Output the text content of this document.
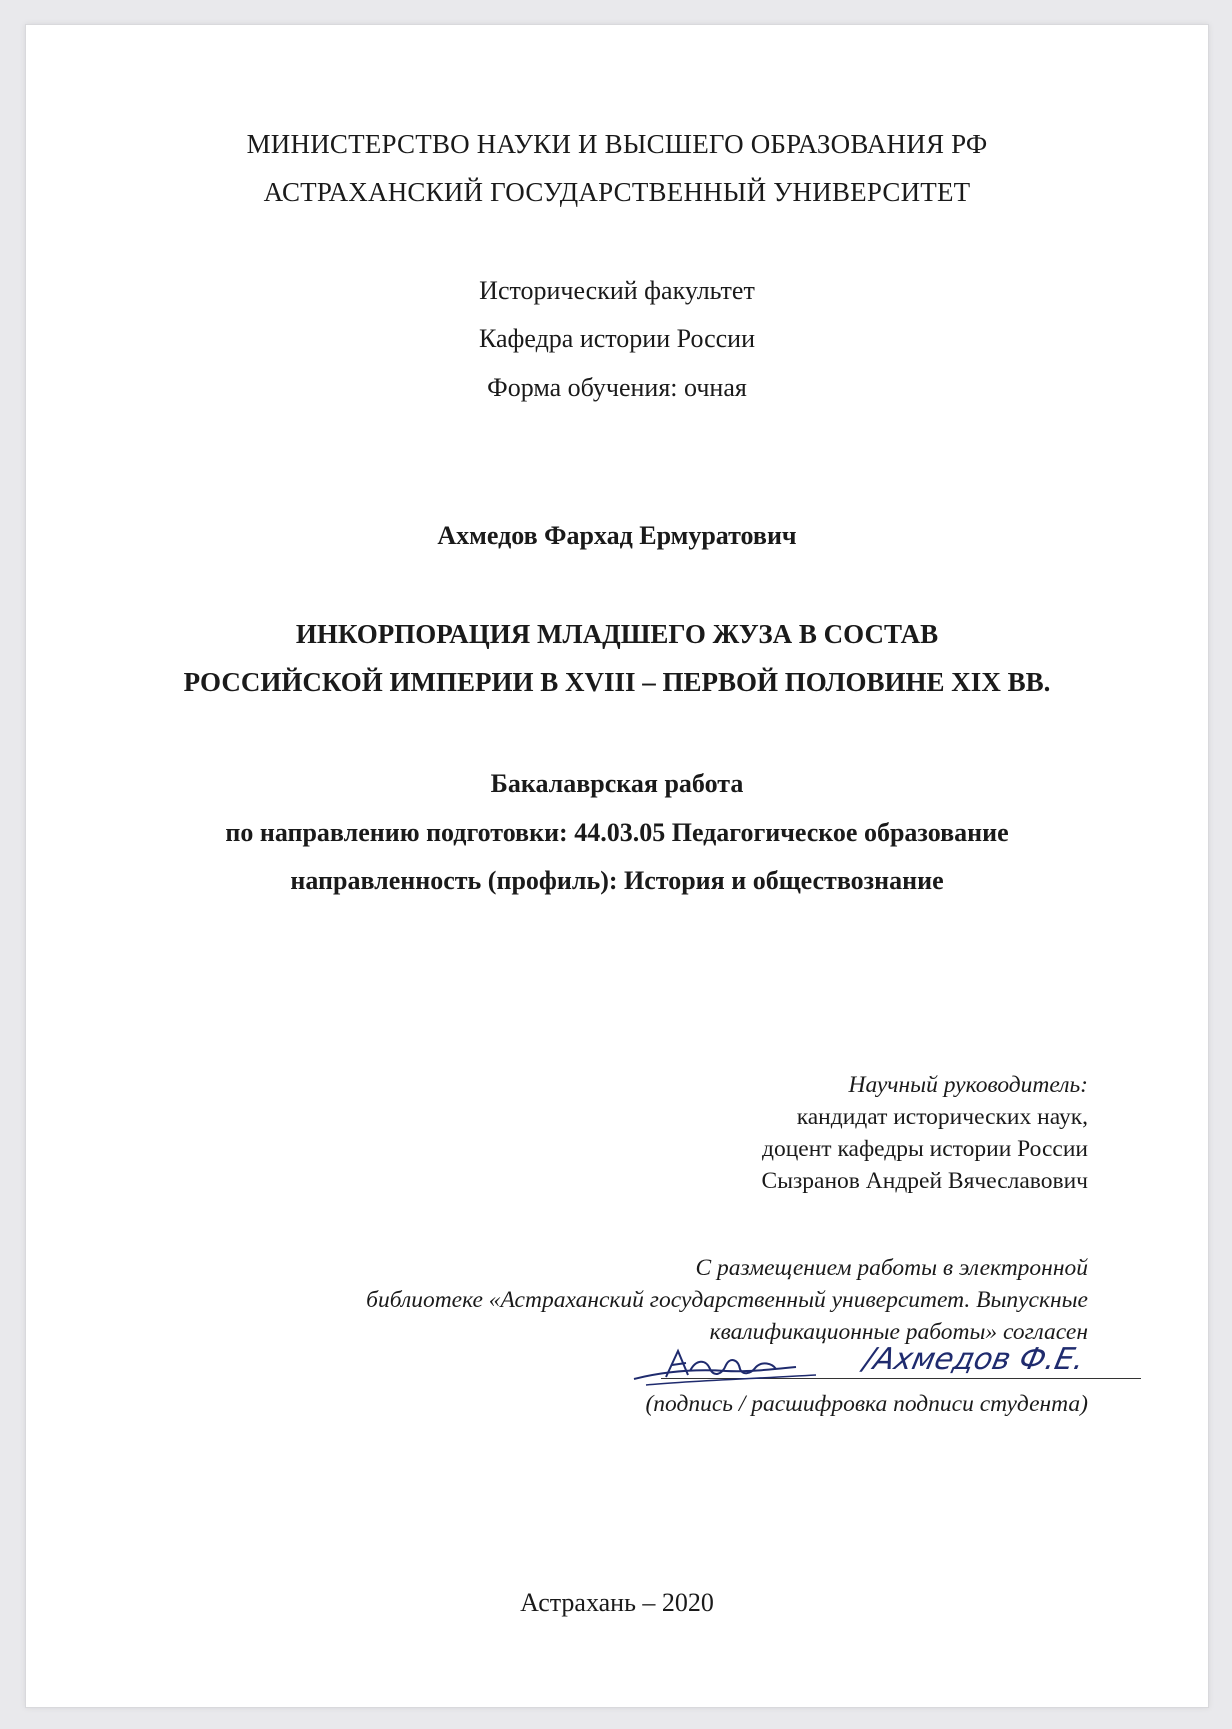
МИНИСТЕРСТВО НАУКИ И ВЫСШЕГО ОБРАЗОВАНИЯ РФ
АСТРАХАНСКИЙ ГОСУДАРСТВЕННЫЙ УНИВЕРСИТЕТ
Исторический факультет
Кафедра истории России
Форма обучения: очная
Ахмедов Фархад Ермуратович
ИНКОРПОРАЦИЯ МЛАДШЕГО ЖУЗА В СОСТАВ
РОССИЙСКОЙ ИМПЕРИИ В XVIII – ПЕРВОЙ ПОЛОВИНЕ XIX ВВ.
Бакалаврская работа
по направлению подготовки: 44.03.05 Педагогическое образование
направленность (профиль): История и обществознание
Научный руководитель:
кандидат исторических наук,
доцент кафедры истории России
Сызранов Андрей Вячеславович
С размещением работы в электронной
библиотеке «Астраханский государственный университет. Выпускные
квалификационные работы» согласен
/Ахмедов Ф.Е.
(подпись / расшифровка подписи студента)
Астрахань – 2020
